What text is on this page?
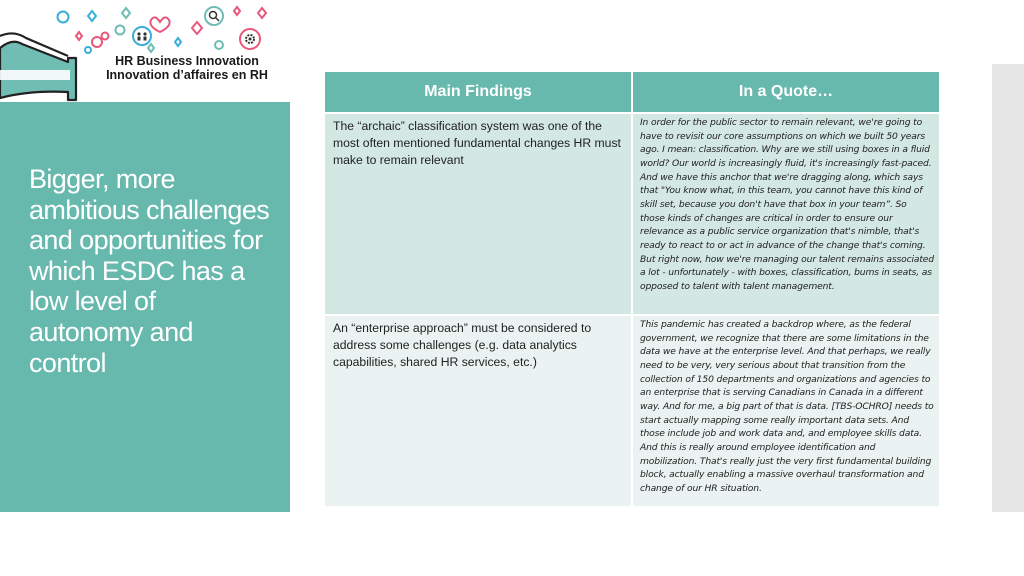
HR Business Innovation
Innovation d’affaires en RH
Bigger, more ambitious challenges and opportunities for which ESDC has a low level of autonomy and control
Main Findings	In a Quote…

The “archaic” classification system was one of the most often mentioned fundamental changes HR must make to remain relevant	In order for the public sector to remain relevant, we're going to have to revisit our core assumptions on which we built 50 years ago. I mean: classification. Why are we still using boxes in a fluid world? Our world is increasingly fluid, it's increasingly fast-paced. And we have this anchor that we're dragging along, which says that "You know what, in this team, you cannot have this kind of skill set, because you don't have that box in your team”. So those kinds of changes are critical in order to ensure our relevance as a public service organization that's nimble, that's ready to react to or act in advance of the change that's coming. But right now, how we're managing our talent remains associated a lot - unfortunately - with boxes, classification, bums in seats, as opposed to talent with talent management.

An “enterprise approach” must be considered to address some challenges (e.g. data analytics capabilities, shared HR services, etc.)	This pandemic has created a backdrop where, as the federal government, we recognize that there are some limitations in the data we have at the enterprise level. And that perhaps, we really need to be very, very serious about that transition from the collection of 150 departments and organizations and agencies to an enterprise that is serving Canadians in Canada in a different way. And for me, a big part of that is data. [TBS-OCHRO] needs to start actually mapping some really important data sets. And those include job and work data and, and employee skills data. And this is really around employee identification and mobilization. That's really just the very first fundamental building block, actually enabling a massive overhaul transformation and change of our HR situation.
